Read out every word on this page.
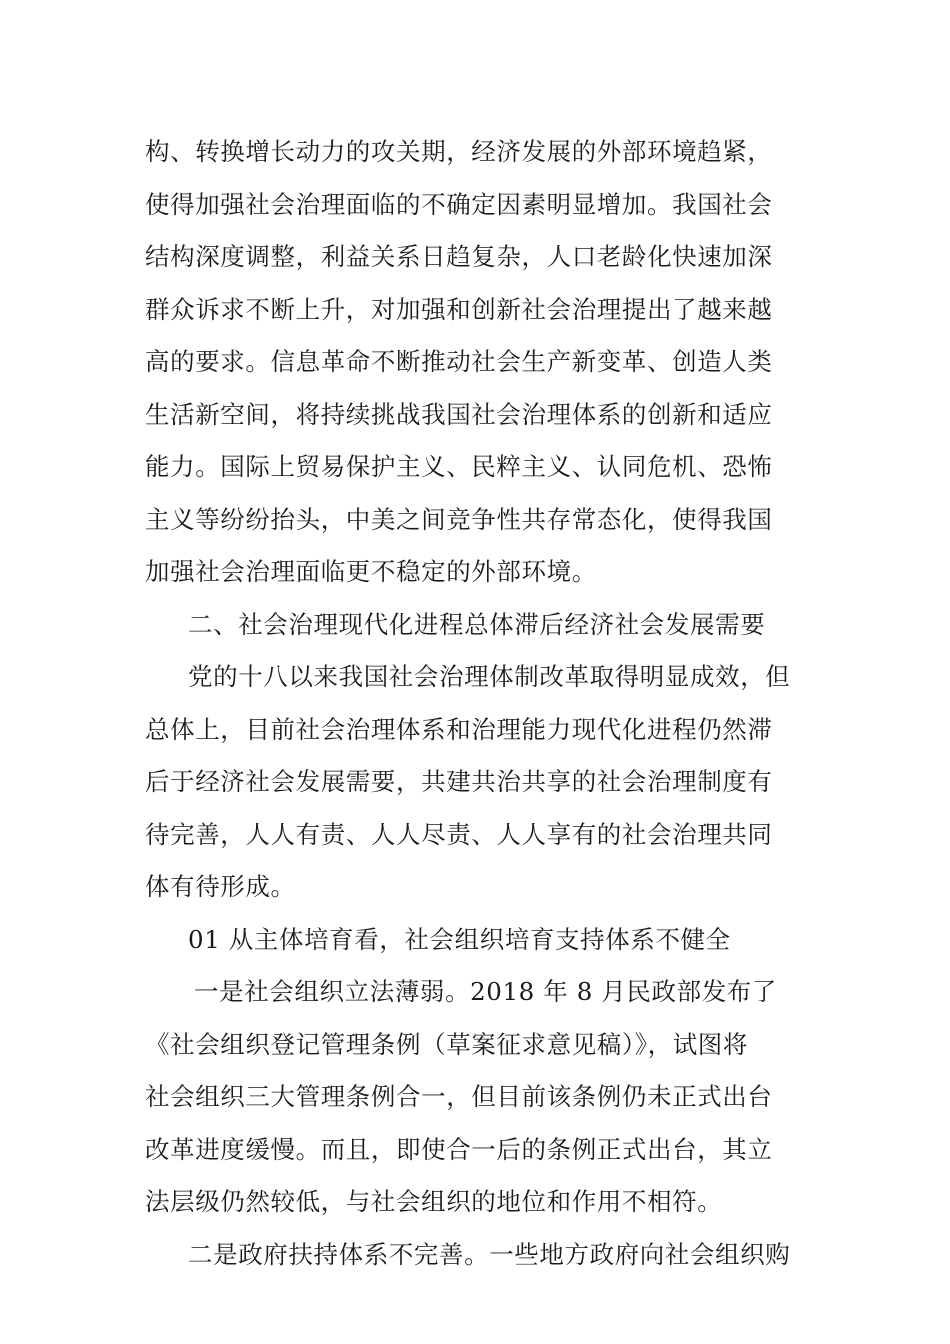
构、转换增长动力的攻关期，经济发展的外部环境趋紧，
使得加强社会治理面临的不确定因素明显增加。我国社会
结构深度调整，利益关系日趋复杂，人口老龄化快速加深
群众诉求不断上升，对加强和创新社会治理提出了越来越
高的要求。信息革命不断推动社会生产新变革、创造人类
生活新空间，将持续挑战我国社会治理体系的创新和适应
能力。国际上贸易保护主义、民粹主义、认同危机、恐怖
主义等纷纷抬头，中美之间竞争性共存常态化，使得我国
加强社会治理面临更不稳定的外部环境。
二、社会治理现代化进程总体滞后经济社会发展需要
党的十八以来我国社会治理体制改革取得明显成效，但
总体上，目前社会治理体系和治理能力现代化进程仍然滞
后于经济社会发展需要，共建共治共享的社会治理制度有
待完善，人人有责、人人尽责、人人享有的社会治理共同
体有待形成。
01 从主体培育看，社会组织培育支持体系不健全
一是社会组织立法薄弱。2018 年 8 月民政部发布了
《社会组织登记管理条例（草案征求意见稿）》，试图将
社会组织三大管理条例合一，但目前该条例仍未正式出台
改革进度缓慢。而且，即使合一后的条例正式出台，其立
法层级仍然较低，与社会组织的地位和作用不相符。
二是政府扶持体系不完善。一些地方政府向社会组织购
